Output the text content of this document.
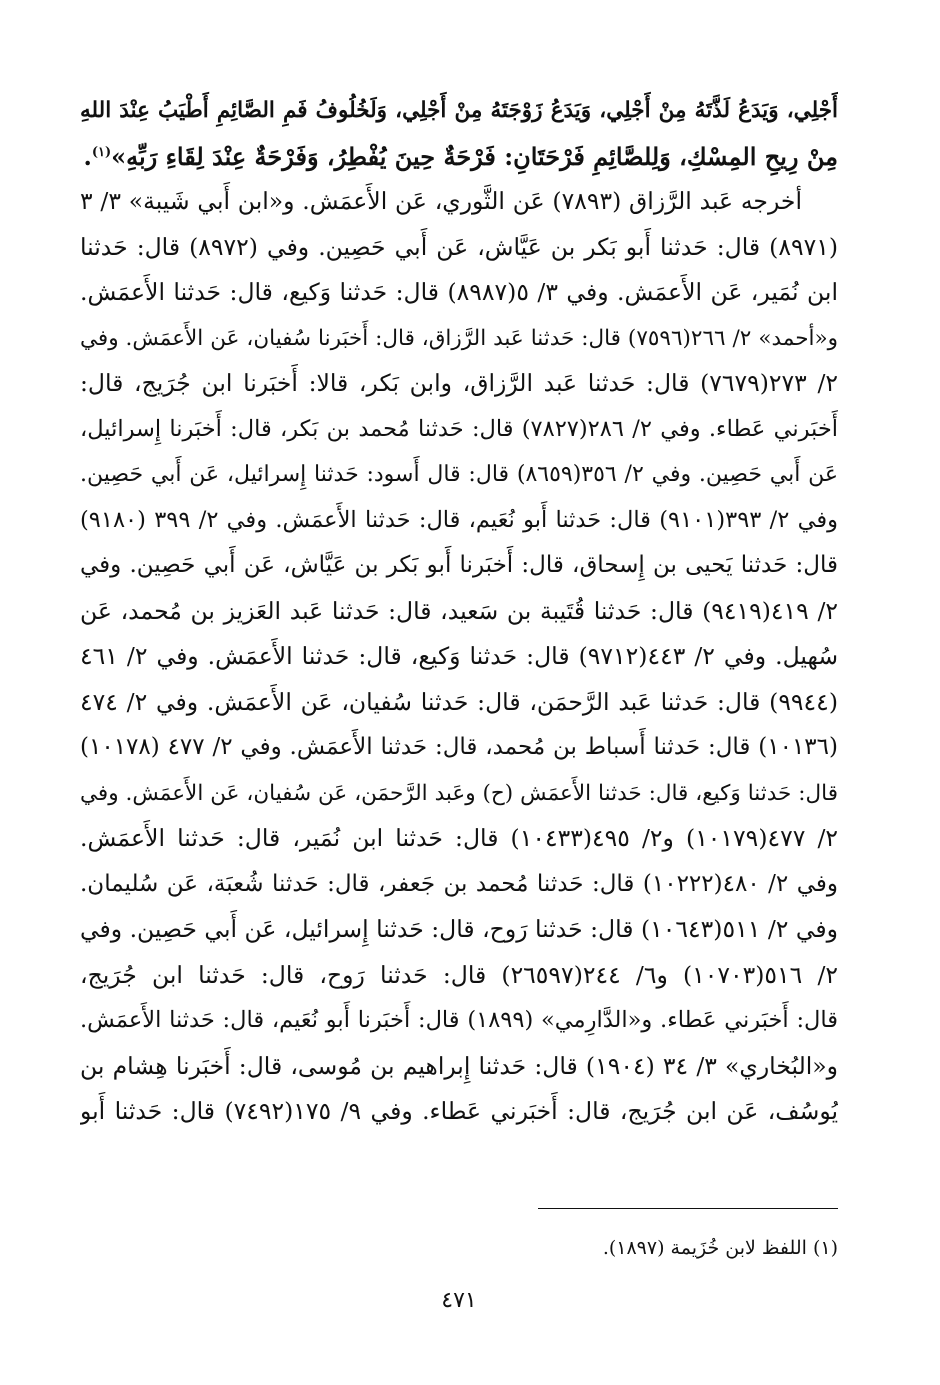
أَجْلِي، وَيَدَعُ لَذَّتَهُ مِنْ أَجْلِي، وَيَدَعُ زَوْجَتَهُ مِنْ أَجْلِي، وَلَخُلُوفُ فَمِ الصَّائِمِ أَطْيَبُ عِنْدَ اللهِ
مِنْ رِيحِ المِسْكِ، وَلِلصَّائِمِ فَرْحَتَانِ: فَرْحَةٌ حِينَ يُفْطِرُ، وَفَرْحَةٌ عِنْدَ لِقَاءِ رَبِّهِ»$^{(١)}$.
أخرجه عَبد الرَّزاق (٧٨٩٣) عَن الثَّوري، عَن الأَعمَش. و«ابن أَبي شَيبة» ٣/ ٣
(٨٩٧١) قال: حَدثنا أَبو بَكر بن عَيَّاش، عَن أَبي حَصِين. وفي (٨٩٧٢) قال: حَدثنا
ابن نُمَير، عَن الأَعمَش. وفي ٣/ ٥(٨٩٨٧) قال: حَدثنا وَكيع، قال: حَدثنا الأَعمَش.
و«أحمد» ٢/ ٢٦٦(٧٥٩٦) قال: حَدثنا عَبد الرَّزاق، قال: أَخبَرنا سُفيان، عَن الأَعمَش. وفي
٢/ ٢٧٣(٧٦٧٩) قال: حَدثنا عَبد الرَّزاق، وابن بَكر، قالا: أَخبَرنا ابن جُرَيج، قال:
أَخبَرني عَطاء. وفي ٢/ ٢٨٦(٧٨٢٧) قال: حَدثنا مُحمد بن بَكر، قال: أَخبَرنا إِسرائيل،
عَن أَبي حَصِين. وفي ٢/ ٣٥٦(٨٦٥٩) قال: قال أَسود: حَدثنا إِسرائيل، عَن أَبي حَصِين.
وفي ٢/ ٣٩٣(٩١٠١) قال: حَدثنا أَبو نُعَيم، قال: حَدثنا الأَعمَش. وفي ٢/ ٣٩٩ (٩١٨٠)
قال: حَدثنا يَحيى بن إِسحاق، قال: أَخبَرنا أَبو بَكر بن عَيَّاش، عَن أَبي حَصِين. وفي
٢/ ٤١٩(٩٤١٩) قال: حَدثنا قُتَيبة بن سَعيد، قال: حَدثنا عَبد العَزيز بن مُحمد، عَن
سُهيل. وفي ٢/ ٤٤٣(٩٧١٢) قال: حَدثنا وَكيع، قال: حَدثنا الأَعمَش. وفي ٢/ ٤٦١
(٩٩٤٤) قال: حَدثنا عَبد الرَّحمَن، قال: حَدثنا سُفيان، عَن الأَعمَش. وفي ٢/ ٤٧٤
(١٠١٣٦) قال: حَدثنا أَسباط بن مُحمد، قال: حَدثنا الأَعمَش. وفي ٢/ ٤٧٧ (١٠١٧٨)
قال: حَدثنا وَكيع، قال: حَدثنا الأَعمَش (ح) وعَبد الرَّحمَن، عَن سُفيان، عَن الأَعمَش. وفي
٢/ ٤٧٧(١٠١٧٩) و٢/ ٤٩٥(١٠٤٣٣) قال: حَدثنا ابن نُمَير، قال: حَدثنا الأَعمَش.
وفي ٢/ ٤٨٠(١٠٢٢٢) قال: حَدثنا مُحمد بن جَعفر، قال: حَدثنا شُعبَة، عَن سُليمان.
وفي ٢/ ٥١١(١٠٦٤٣) قال: حَدثنا رَوح، قال: حَدثنا إِسرائيل، عَن أَبي حَصِين. وفي
٢/ ٥١٦(١٠٧٠٣) و٦/ ٢٤٤(٢٦٥٩٧) قال: حَدثنا رَوح، قال: حَدثنا ابن جُرَيج،
قال: أَخبَرني عَطاء. و«الدَّارِمي» (١٨٩٩) قال: أَخبَرنا أَبو نُعَيم، قال: حَدثنا الأَعمَش.
و«البُخاري» ٣/ ٣٤ (١٩٠٤) قال: حَدثنا إِبراهيم بن مُوسى، قال: أَخبَرنا هِشام بن
يُوسُف، عَن ابن جُرَيج، قال: أَخبَرني عَطاء. وفي ٩/ ١٧٥(٧٤٩٢) قال: حَدثنا أَبو
(١) اللفظ لابن خُزَيمة (١٨٩٧).
٤٧١
